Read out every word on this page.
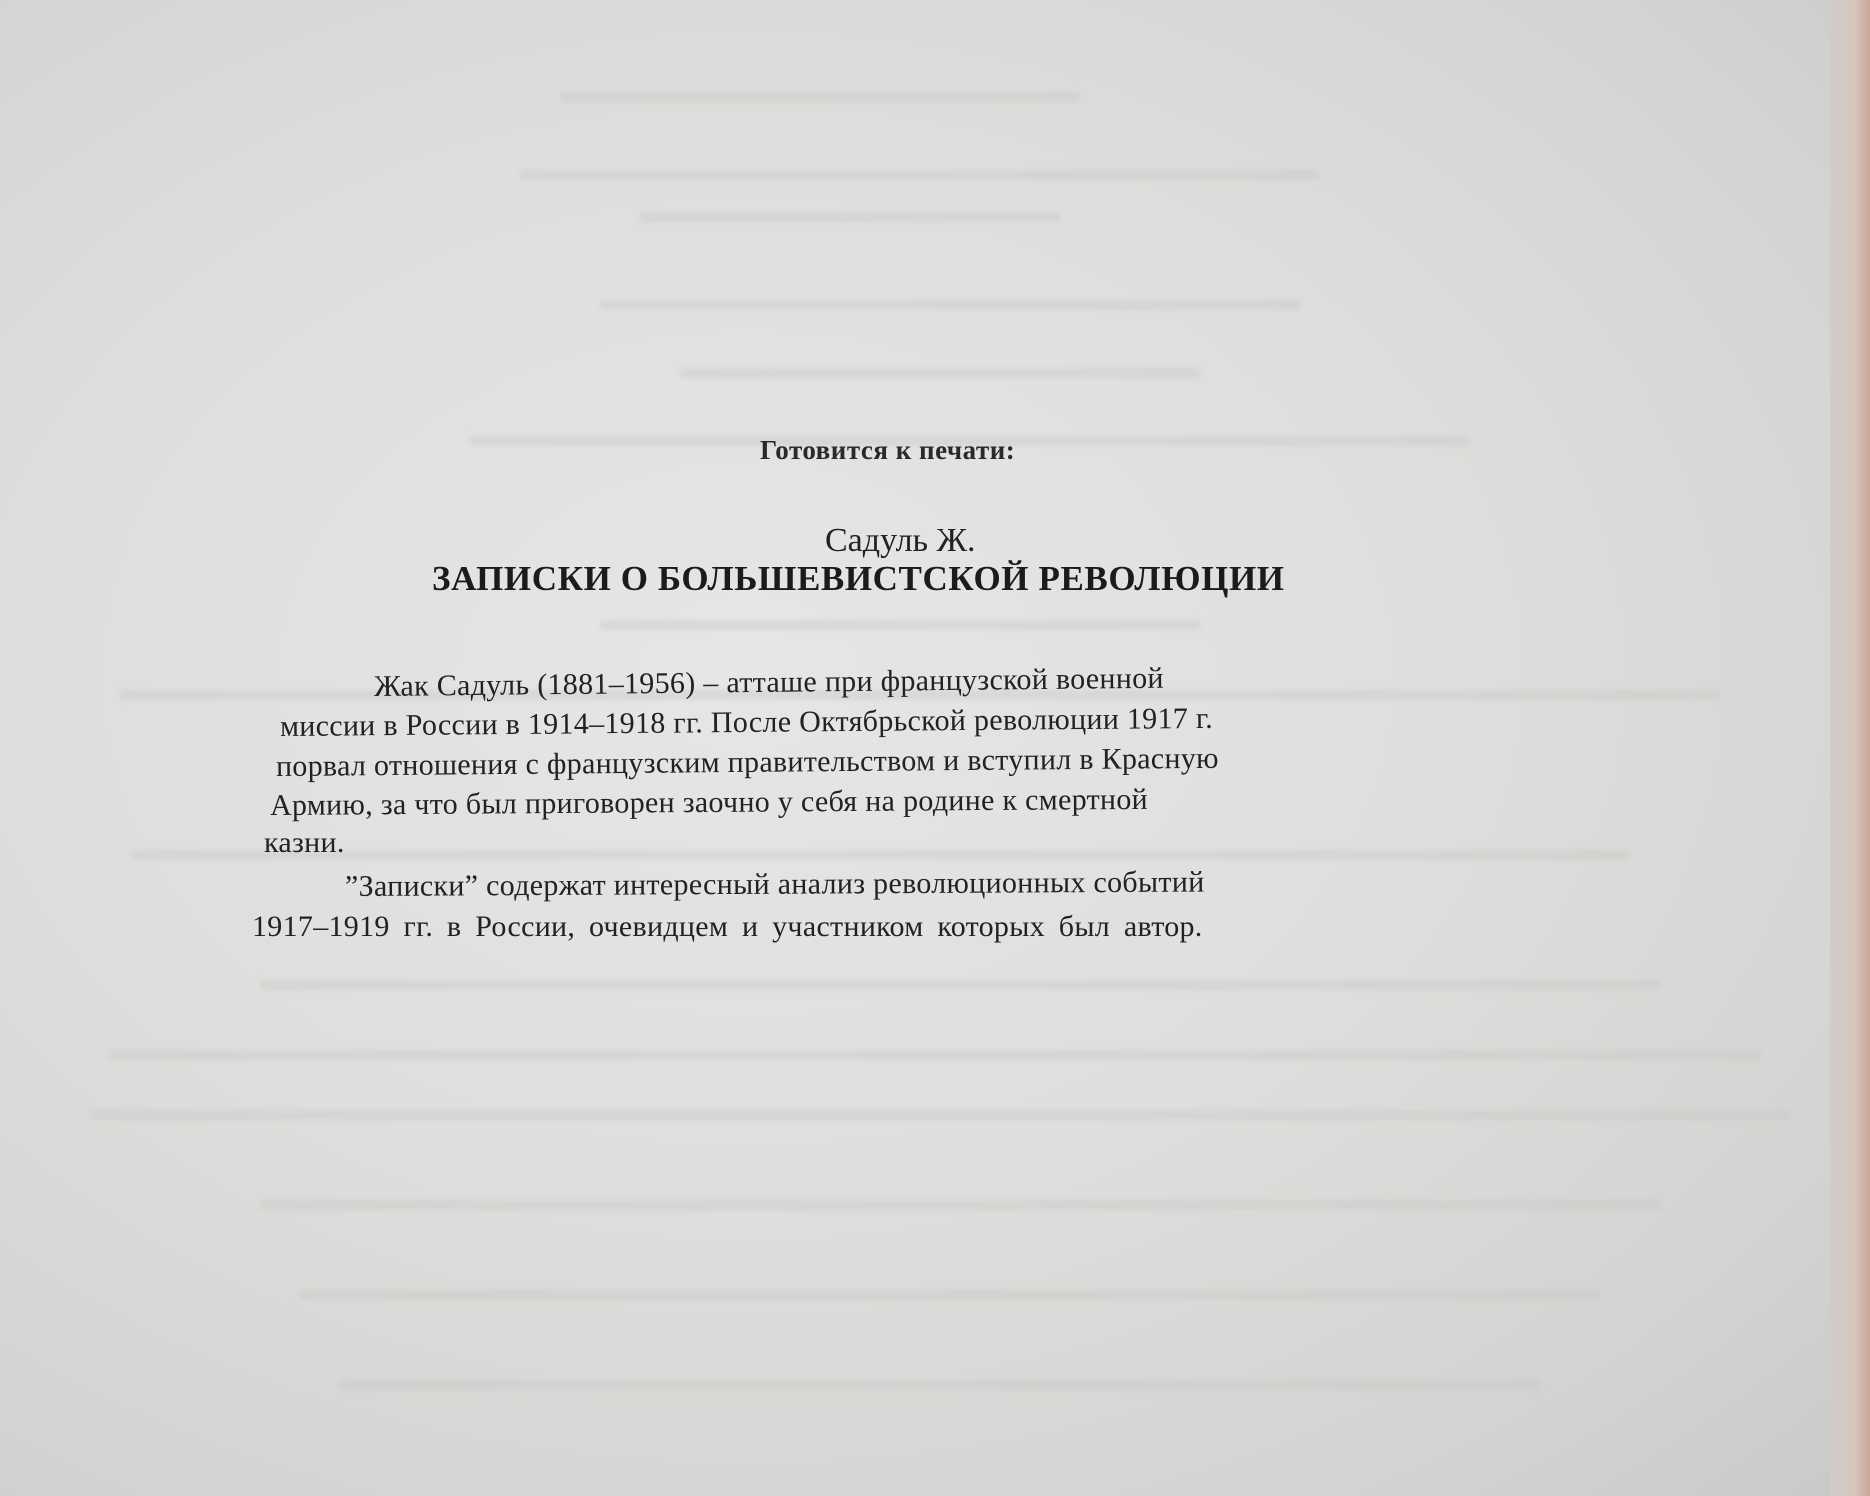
Готовится к печати:
Садуль Ж.
ЗАПИСКИ О БОЛЬШЕВИСТСКОЙ РЕВОЛЮЦИИ
Жак Садуль (1881–1956) – атташе при французской военной
миссии в России в 1914–1918 гг. После Октябрьской революции 1917 г.
порвал отношения с французским правительством и вступил в Красную
Армию, за что был приговорен заочно у себя на родине к смертной
казни.
”Записки” содержат интересный анализ революционных событий
1917–1919 гг. в России, очевидцем и участником которых был автор.
